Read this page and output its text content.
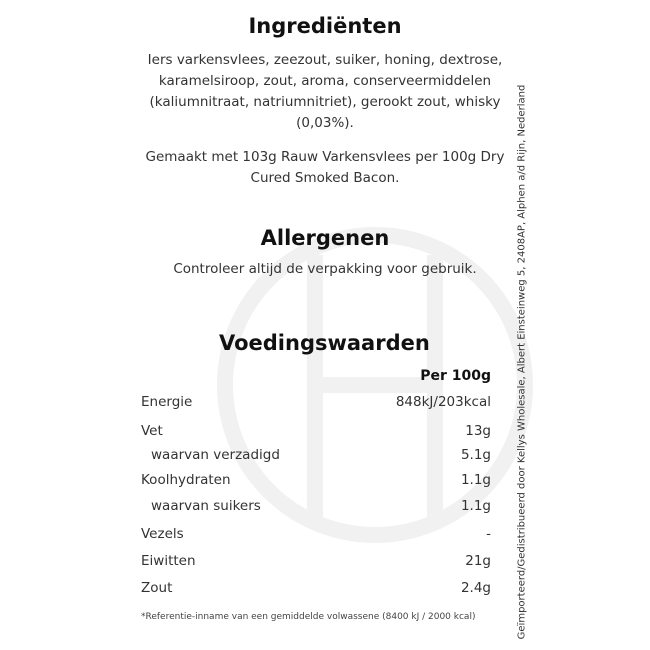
Ingrediënten
Iers varkensvlees, zeezout, suiker, honing, dextrose,
karamelsiroop, zout, aroma, conserveermiddelen
(kaliumnitraat, natriumnitriet), gerookt zout, whisky
(0,03%).
Gemaakt met 103g Rauw Varkensvlees per 100g Dry
Cured Smoked Bacon.
Allergenen
Controleer altijd de verpakking voor gebruik.
Voedingswaarden
Per 100g
Energie	848kJ/203kcal
Vet	13g
waarvan verzadigd	5.1g
Koolhydraten	1.1g
waarvan suikers	1.1g
Vezels	-
Eiwitten	21g
Zout	2.4g
*Referentie-inname van een gemiddelde volwassene (8400 kJ / 2000 kcal)	Geïmporteerd/Gedistribueerd door Kellys Wholesale, Albert Einsteinweg 5, 2408AP, Alphen a/d Rijn, Nederland
